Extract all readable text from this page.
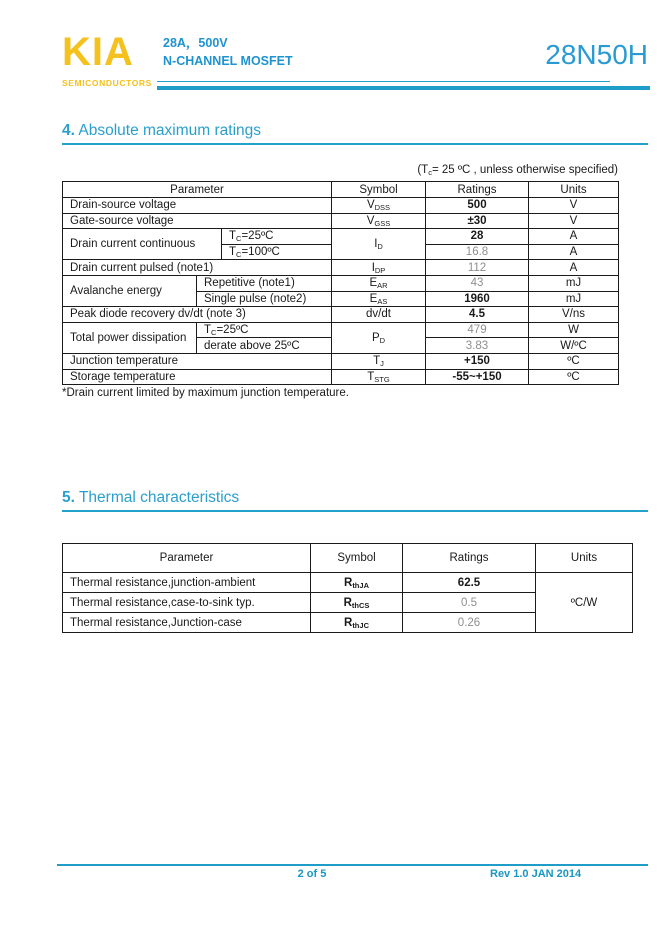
KIA
SEMICONDUCTORS
28A，500V
N-CHANNEL MOSFET	28N50H
4. Absolute maximum ratings
($T_c= 25$ ºC , unless otherwise specified)
Parameter			Symbol	Ratings	Units
Drain-source voltage			$V_{DSS}$	500	V
Gate-source voltage			$V_{GSS}$	±30	V
Drain current continuous		$T_C=25ºC$	$I_D$	28	A
		$T_C=100ºC$		16.8	A
Drain current pulsed (note1)			$I_{DP}$	112	A
Avalanche energy	Repetitive (note1)		$E_{AR}$	43	mJ
	Single pulse (note2)		$E_{AS}$	1960	mJ
Peak diode recovery dv/dt (note 3)			dv/dt	4.5	V/ns
Total power dissipation	$T_C=25ºC$		$P_D$	479	W
	derate above 25ºC			3.83	W/ºC
Junction temperature			$T_J$	+150	ºC
Storage temperature			$T_{STG}$	-55~+150	ºC
*Drain current limited by maximum junction temperature.
5. Thermal characteristics
Parameter	Symbol	Ratings	Units
Thermal resistance,junction-ambient	$R_{thJA}$	62.5	ºC/W
Thermal resistance,case-to-sink typ.	$R_{thCS}$	0.5	
Thermal resistance,Junction-case	$R_{thJC}$	0.26	
2 of 5	Rev 1.0 JAN 2014
